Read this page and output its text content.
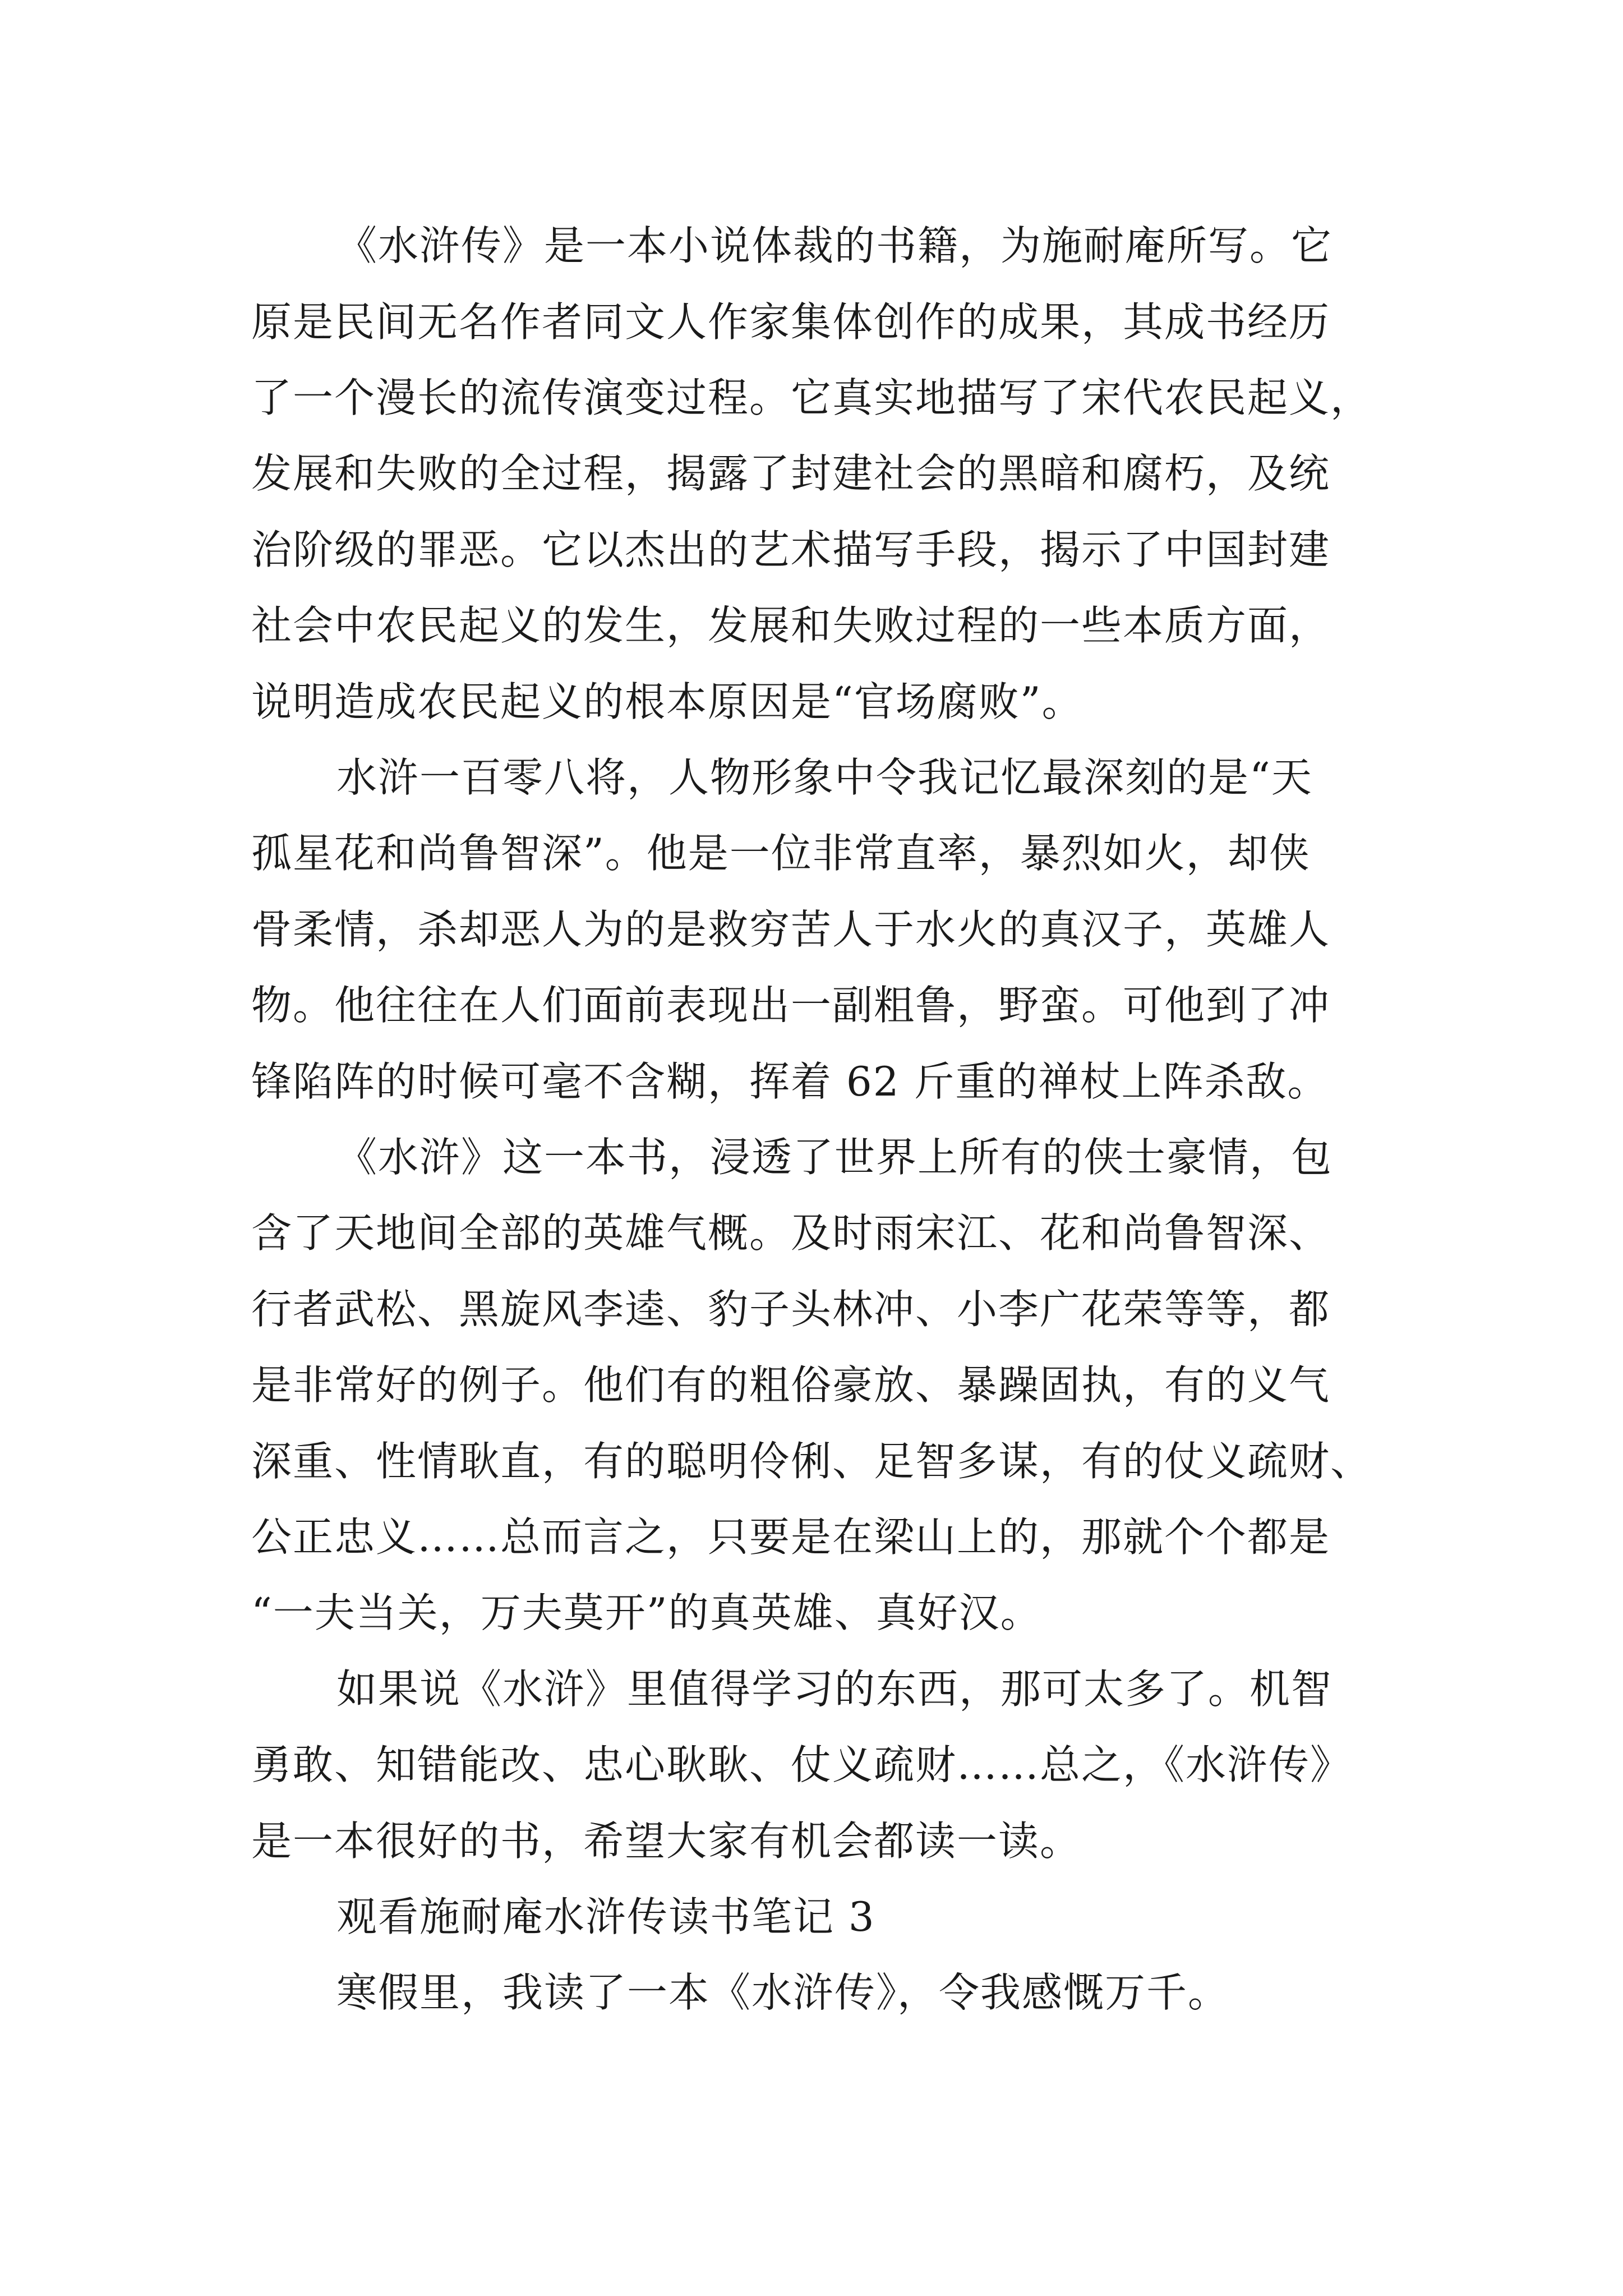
《水浒传》是一本小说体裁的书籍，为施耐庵所写。它
原是民间无名作者同文人作家集体创作的成果，其成书经历
了一个漫长的流传演变过程。它真实地描写了宋代农民起义，
发展和失败的全过程，揭露了封建社会的黑暗和腐朽，及统
治阶级的罪恶。它以杰出的艺术描写手段，揭示了中国封建
社会中农民起义的发生，发展和失败过程的一些本质方面，
说明造成农民起义的根本原因是“官场腐败”。
水浒一百零八将，人物形象中令我记忆最深刻的是“天
孤星花和尚鲁智深”。他是一位非常直率，暴烈如火，却侠
骨柔情，杀却恶人为的是救穷苦人于水火的真汉子，英雄人
物。他往往在人们面前表现出一副粗鲁，野蛮。可他到了冲
锋陷阵的时候可毫不含糊，挥着 62 斤重的禅杖上阵杀敌。
《水浒》这一本书，浸透了世界上所有的侠士豪情，包
含了天地间全部的英雄气概。及时雨宋江、花和尚鲁智深、
行者武松、黑旋风李逵、豹子头林冲、小李广花荣等等，都
是非常好的例子。他们有的粗俗豪放、暴躁固执，有的义气
深重、性情耿直，有的聪明伶俐、足智多谋，有的仗义疏财、
公正忠义……总而言之，只要是在梁山上的，那就个个都是
“一夫当关，万夫莫开”的真英雄、真好汉。
如果说《水浒》里值得学习的东西，那可太多了。机智
勇敢、知错能改、忠心耿耿、仗义疏财……总之，《水浒传》
是一本很好的书，希望大家有机会都读一读。
观看施耐庵水浒传读书笔记 3
寒假里，我读了一本《水浒传》，令我感慨万千。
